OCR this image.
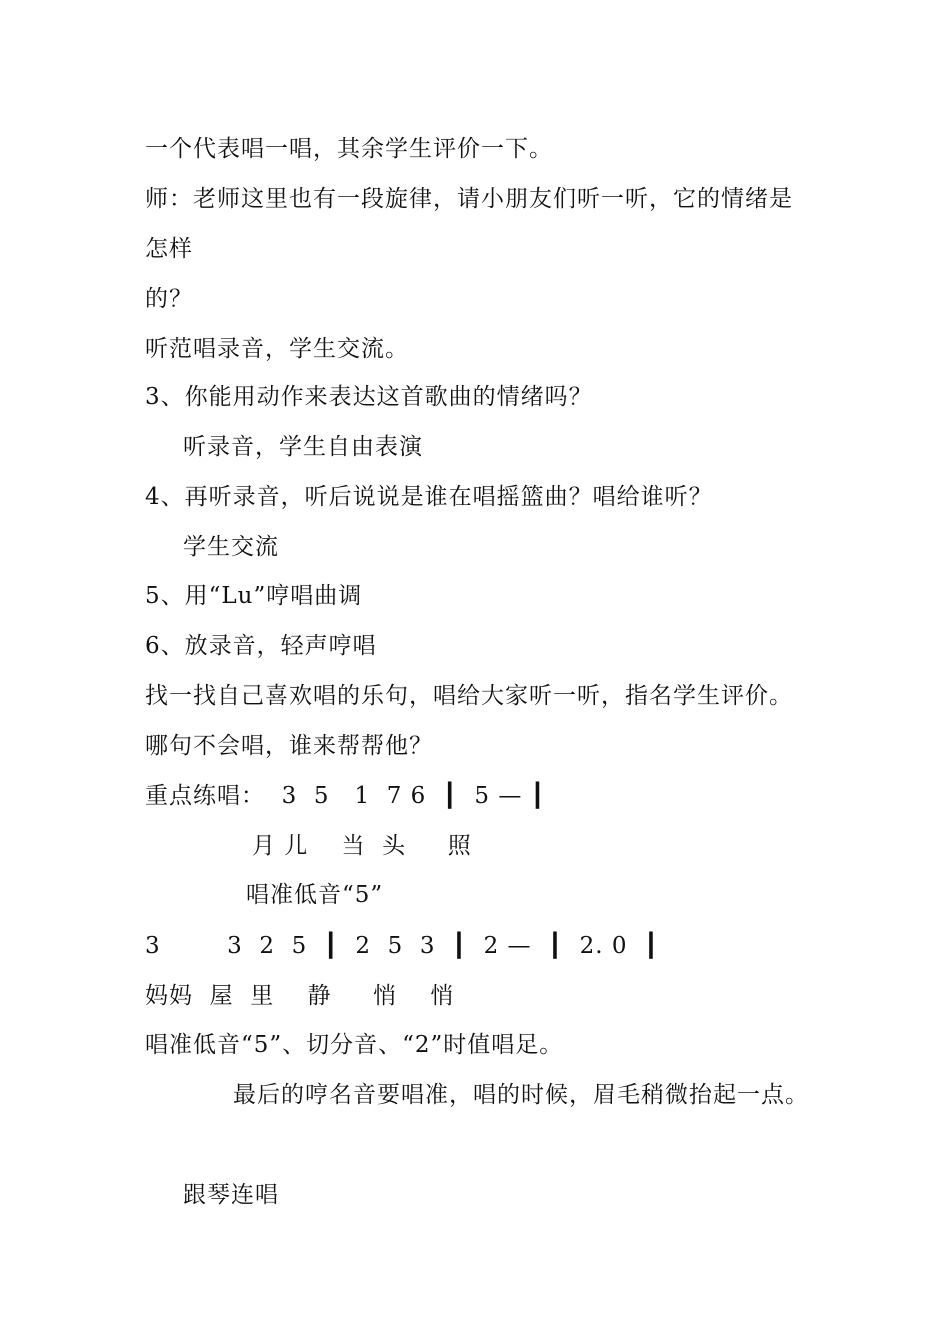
一个代表唱一唱，其余学生评价一下。
师：老师这里也有一段旋律，请小朋友们听一听，它的情绪是
怎样
的？
听范唱录音，学生交流。
3、你能用动作来表达这首歌曲的情绪吗？
听录音，学生自由表演
4、再听录音，听后说说是谁在唱摇篮曲？唱给谁听？
学生交流
5、用“Lu”哼唱曲调
6、放录音，轻声哼唱
找一找自己喜欢唱的乐句，唱给大家听一听，指名学生评价。
哪句不会唱，谁来帮帮他？
重点练唱：  3  5   1  7 6  ┃  5 — ┃
月 儿    当  头     照
唱准低音“5”
3        3  2  5  ┃  2  5  3  ┃  2 —  ┃  2. 0  ┃
妈妈  屋  里    静     悄    悄
唱准低音“5”、切分音、“2”时值唱足。
最后的哼名音要唱准，唱的时候，眉毛稍微抬起一点。
跟琴连唱
